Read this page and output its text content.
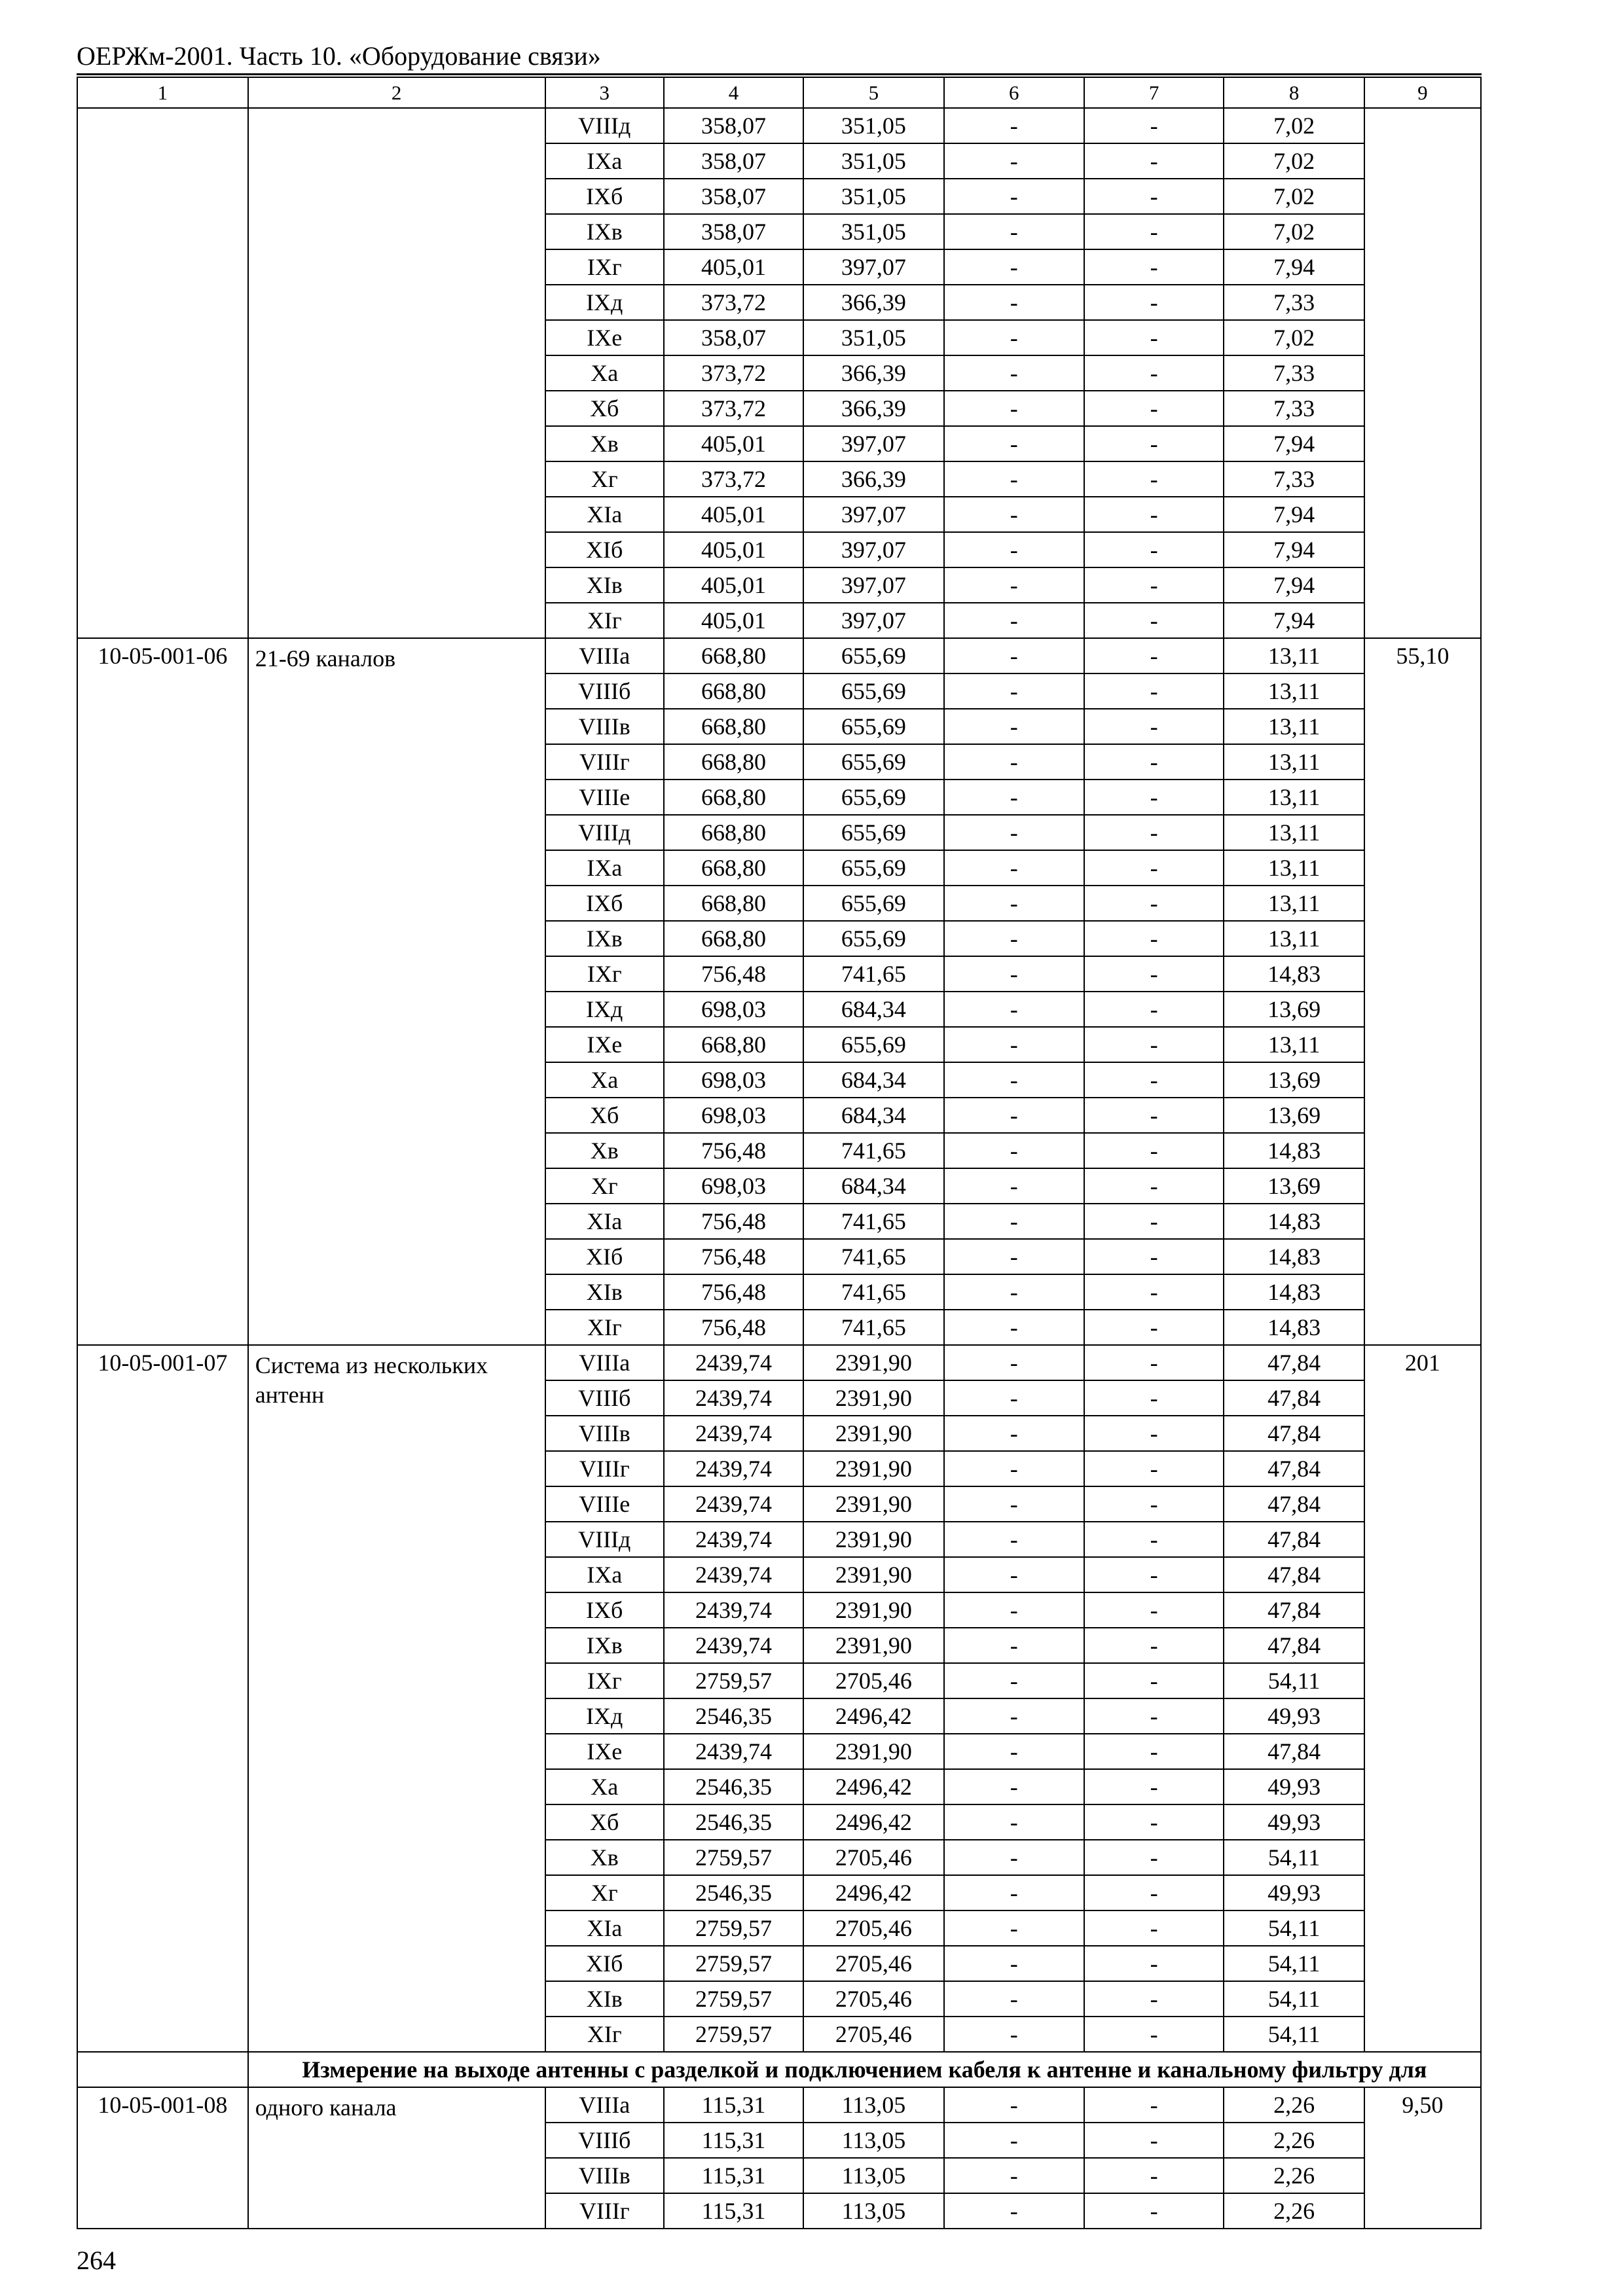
ОЕРЖм-2001. Часть 10. «Оборудование связи»
1	2	3	4	5	6	7	8	9
		VIIIд	358,07	351,05	-	-	7,02	
		IXа	358,07	351,05	-	-	7,02	
		IXб	358,07	351,05	-	-	7,02	
		IXв	358,07	351,05	-	-	7,02	
		IXг	405,01	397,07	-	-	7,94	
		IXд	373,72	366,39	-	-	7,33	
		IXе	358,07	351,05	-	-	7,02	
		Xа	373,72	366,39	-	-	7,33	
		Xб	373,72	366,39	-	-	7,33	
		Xв	405,01	397,07	-	-	7,94	
		Xг	373,72	366,39	-	-	7,33	
		XIа	405,01	397,07	-	-	7,94	
		XIб	405,01	397,07	-	-	7,94	
		XIв	405,01	397,07	-	-	7,94	
		XIг	405,01	397,07	-	-	7,94	
10-05-001-06	21-69 каналов	VIIIа	668,80	655,69	-	-	13,11	55,10
		VIIIб	668,80	655,69	-	-	13,11	
		VIIIв	668,80	655,69	-	-	13,11	
		VIIIг	668,80	655,69	-	-	13,11	
		VIIIе	668,80	655,69	-	-	13,11	
		VIIIд	668,80	655,69	-	-	13,11	
		IXа	668,80	655,69	-	-	13,11	
		IXб	668,80	655,69	-	-	13,11	
		IXв	668,80	655,69	-	-	13,11	
		IXг	756,48	741,65	-	-	14,83	
		IXд	698,03	684,34	-	-	13,69	
		IXе	668,80	655,69	-	-	13,11	
		Xа	698,03	684,34	-	-	13,69	
		Xб	698,03	684,34	-	-	13,69	
		Xв	756,48	741,65	-	-	14,83	
		Xг	698,03	684,34	-	-	13,69	
		XIа	756,48	741,65	-	-	14,83	
		XIб	756,48	741,65	-	-	14,83	
		XIв	756,48	741,65	-	-	14,83	
		XIг	756,48	741,65	-	-	14,83	
10-05-001-07	Система из нескольких антенн	VIIIа	2439,74	2391,90	-	-	47,84	201
		VIIIб	2439,74	2391,90	-	-	47,84	
		VIIIв	2439,74	2391,90	-	-	47,84	
		VIIIг	2439,74	2391,90	-	-	47,84	
		VIIIе	2439,74	2391,90	-	-	47,84	
		VIIIд	2439,74	2391,90	-	-	47,84	
		IXа	2439,74	2391,90	-	-	47,84	
		IXб	2439,74	2391,90	-	-	47,84	
		IXв	2439,74	2391,90	-	-	47,84	
		IXг	2759,57	2705,46	-	-	54,11	
		IXд	2546,35	2496,42	-	-	49,93	
		IXе	2439,74	2391,90	-	-	47,84	
		Xа	2546,35	2496,42	-	-	49,93	
		Xб	2546,35	2496,42	-	-	49,93	
		Xв	2759,57	2705,46	-	-	54,11	
		Xг	2546,35	2496,42	-	-	49,93	
		XIа	2759,57	2705,46	-	-	54,11	
		XIб	2759,57	2705,46	-	-	54,11	
		XIв	2759,57	2705,46	-	-	54,11	
		XIг	2759,57	2705,46	-	-	54,11	
	Измерение на выходе антенны с разделкой и подключением кабеля к антенне и канальному фильтру для							
10-05-001-08	одного канала	VIIIа	115,31	113,05	-	-	2,26	9,50
		VIIIб	115,31	113,05	-	-	2,26	
		VIIIв	115,31	113,05	-	-	2,26	
		VIIIг	115,31	113,05	-	-	2,26	
264
